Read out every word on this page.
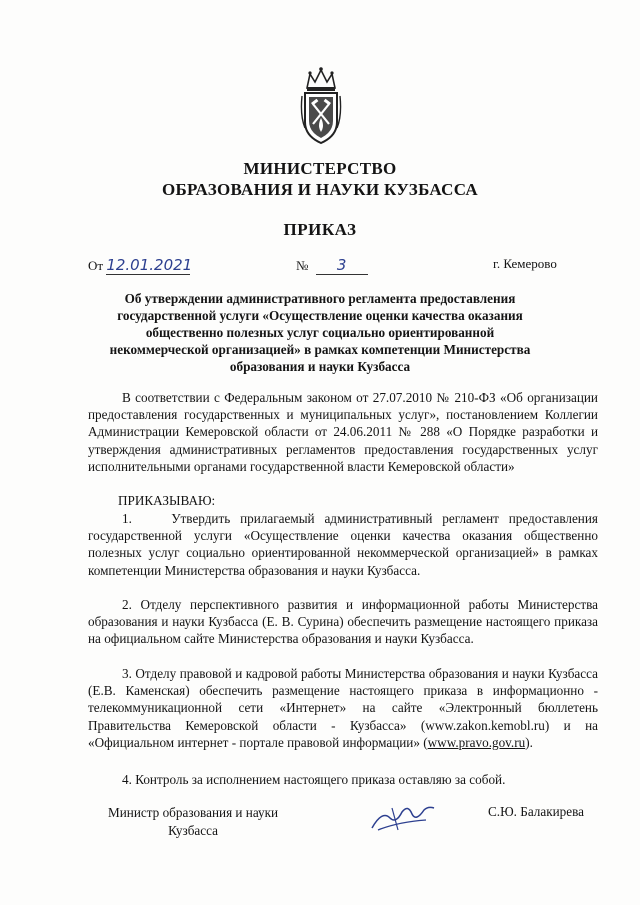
МИНИСТЕРСТВО
ОБРАЗОВАНИЯ И НАУКИ КУЗБАССА
ПРИКАЗ
От 12.01.2021	№ 3	г. Кемерово
Об утверждении административного регламента предоставления
государственной услуги «Осуществление оценки качества оказания
общественно полезных услуг социально ориентированной
некоммерческой организацией» в рамках компетенции Министерства
образования и науки Кузбасса
В соответствии с Федеральным законом от 27.07.2010 № 210-ФЗ «Об организации предоставления государственных и муниципальных услуг», постановлением Коллегии Администрации Кемеровской области от 24.06.2011 № 288 «О Порядке разработки и утверждения административных регламентов предоставления государственных услуг исполнительными органами государственной власти Кемеровской области»
ПРИКАЗЫВАЮ:
1.    Утвердить прилагаемый административный регламент предоставления государственной услуги «Осуществление оценки качества оказания общественно полезных услуг социально ориентированной некоммерческой организацией» в рамках компетенции Министерства образования и науки Кузбасса.
2. Отделу перспективного развития и информационной работы Министерства образования и науки Кузбасса (Е. В. Сурина) обеспечить размещение настоящего приказа на официальном сайте Министерства образования и науки Кузбасса.
3. Отделу правовой и кадровой работы Министерства образования и науки Кузбасса (Е.В. Каменская) обеспечить размещение настоящего приказа в информационно - телекоммуникационной сети «Интернет» на сайте «Электронный бюллетень Правительства Кемеровской области - Кузбасса» (www.zakon.kemobl.ru) и на «Официальном интернет - портале правовой информации» (www.pravo.gov.ru).
4. Контроль за исполнением настоящего приказа оставляю за собой.
Министр образования и науки
Кузбасса
С.Ю. Балакирева
